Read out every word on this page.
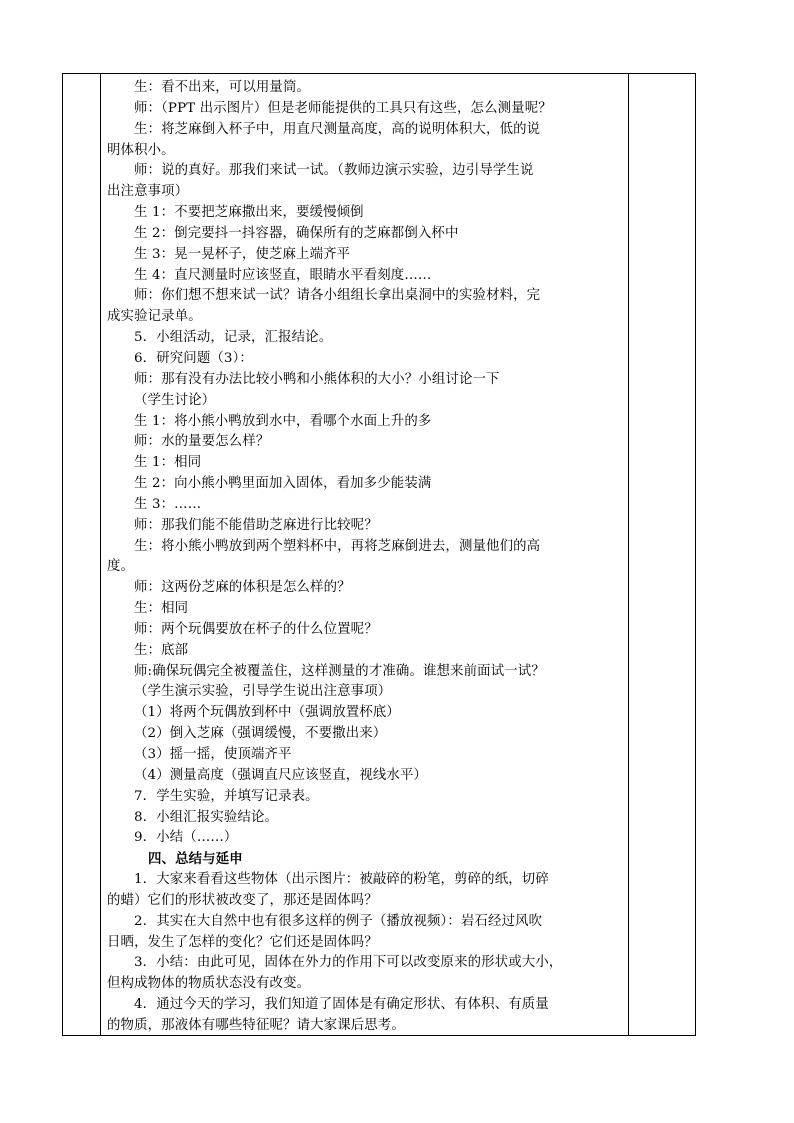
生：看不出来，可以用量筒。
师：（PPT 出示图片）但是老师能提供的工具只有这些，怎么测量呢？
生：将芝麻倒入杯子中，用直尺测量高度，高的说明体积大，低的说
明体积小。
师：说的真好。那我们来试一试。（教师边演示实验，边引导学生说
出注意事项）
生 1：不要把芝麻撒出来，要缓慢倾倒
生 2：倒完要抖一抖容器，确保所有的芝麻都倒入杯中
生 3：晃一晃杯子，使芝麻上端齐平
生 4：直尺测量时应该竖直，眼睛水平看刻度……
师：你们想不想来试一试？请各小组组长拿出桌洞中的实验材料，完
成实验记录单。
5．小组活动，记录，汇报结论。
6．研究问题（3）：
师：那有没有办法比较小鸭和小熊体积的大小？小组讨论一下
（学生讨论）
生 1：将小熊小鸭放到水中，看哪个水面上升的多
师：水的量要怎么样？
生 1：相同
生 2：向小熊小鸭里面加入固体，看加多少能装满
生 3：……
师：那我们能不能借助芝麻进行比较呢？
生：将小熊小鸭放到两个塑料杯中，再将芝麻倒进去，测量他们的高
度。
师：这两份芝麻的体积是怎么样的？
生：相同
师：两个玩偶要放在杯子的什么位置呢？
生：底部
师:确保玩偶完全被覆盖住，这样测量的才准确。谁想来前面试一试？
（学生演示实验，引导学生说出注意事项）
（1）将两个玩偶放到杯中（强调放置杯底）
（2）倒入芝麻（强调缓慢，不要撒出来）
（3）摇一摇，使顶端齐平
（4）测量高度（强调直尺应该竖直，视线水平）
7．学生实验，并填写记录表。
8．小组汇报实验结论。
9．小结（……）
四、总结与延申
1．大家来看看这些物体（出示图片：被敲碎的粉笔，剪碎的纸，切碎
的蜡）它们的形状被改变了，那还是固体吗？
2．其实在大自然中也有很多这样的例子（播放视频）：岩石经过风吹
日晒，发生了怎样的变化？它们还是固体吗？
3．小结：由此可见，固体在外力的作用下可以改变原来的形状或大小，
但构成物体的物质状态没有改变。
4．通过今天的学习，我们知道了固体是有确定形状、有体积、有质量
的物质，那液体有哪些特征呢？请大家课后思考。
